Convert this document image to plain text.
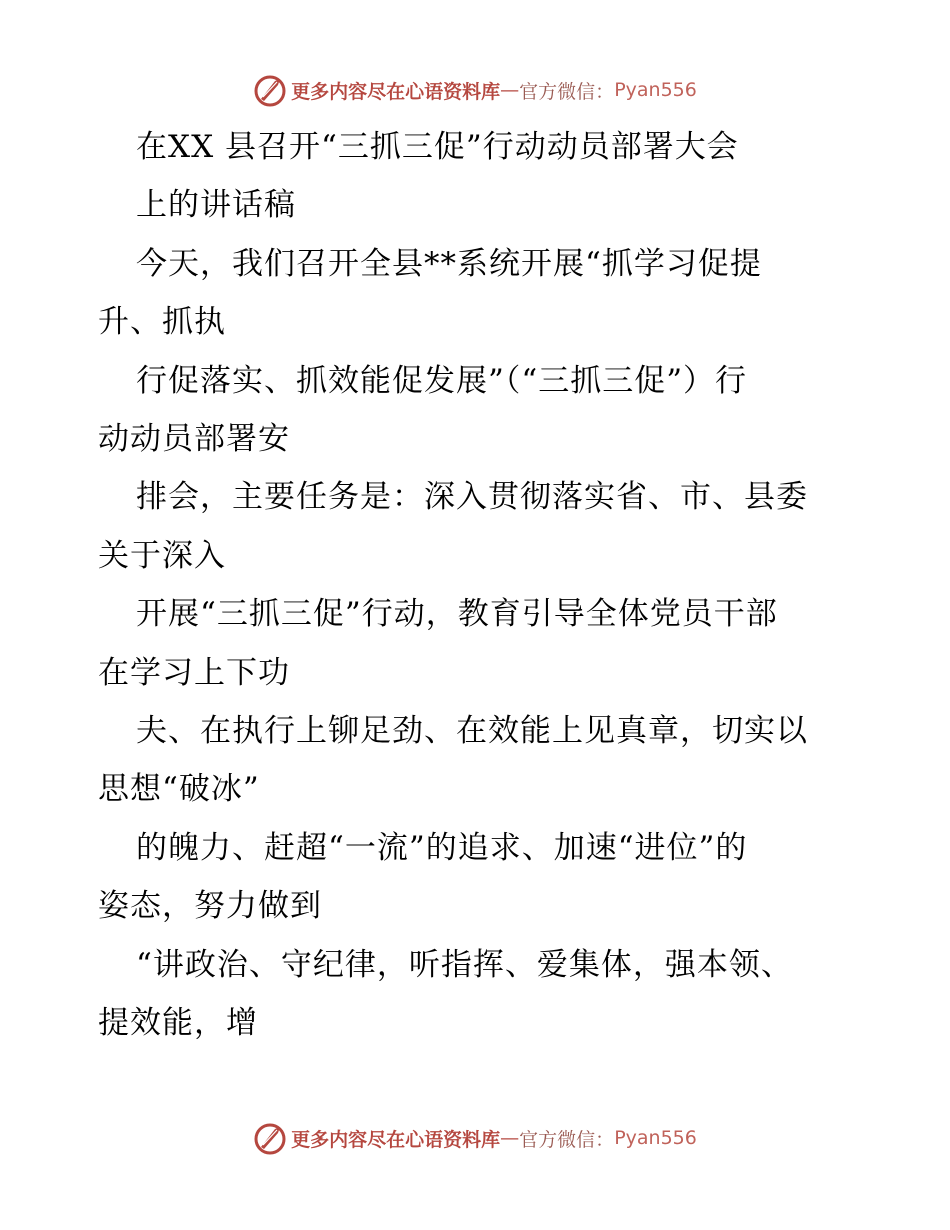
更多内容尽在心语资料库 — 官方微信： Pyan556
在XX 县召开“三抓三促”行动动员部署大会
上的讲话稿
今天，我们召开全县**系统开展“抓学习促提
升、抓执
行促落实、抓效能促发展”（“三抓三促”）行
动动员部署安
排会，主要任务是：深入贯彻落实省、市、县委
关于深入
开展“三抓三促”行动，教育引导全体党员干部
在学习上下功
夫、在执行上铆足劲、在效能上见真章，切实以
思想“破冰”
的魄力、赶超“一流”的追求、加速“进位”的
姿态，努力做到
“讲政治、守纪律，听指挥、爱集体，强本领、
提效能，增
更多内容尽在心语资料库 — 官方微信： Pyan556
